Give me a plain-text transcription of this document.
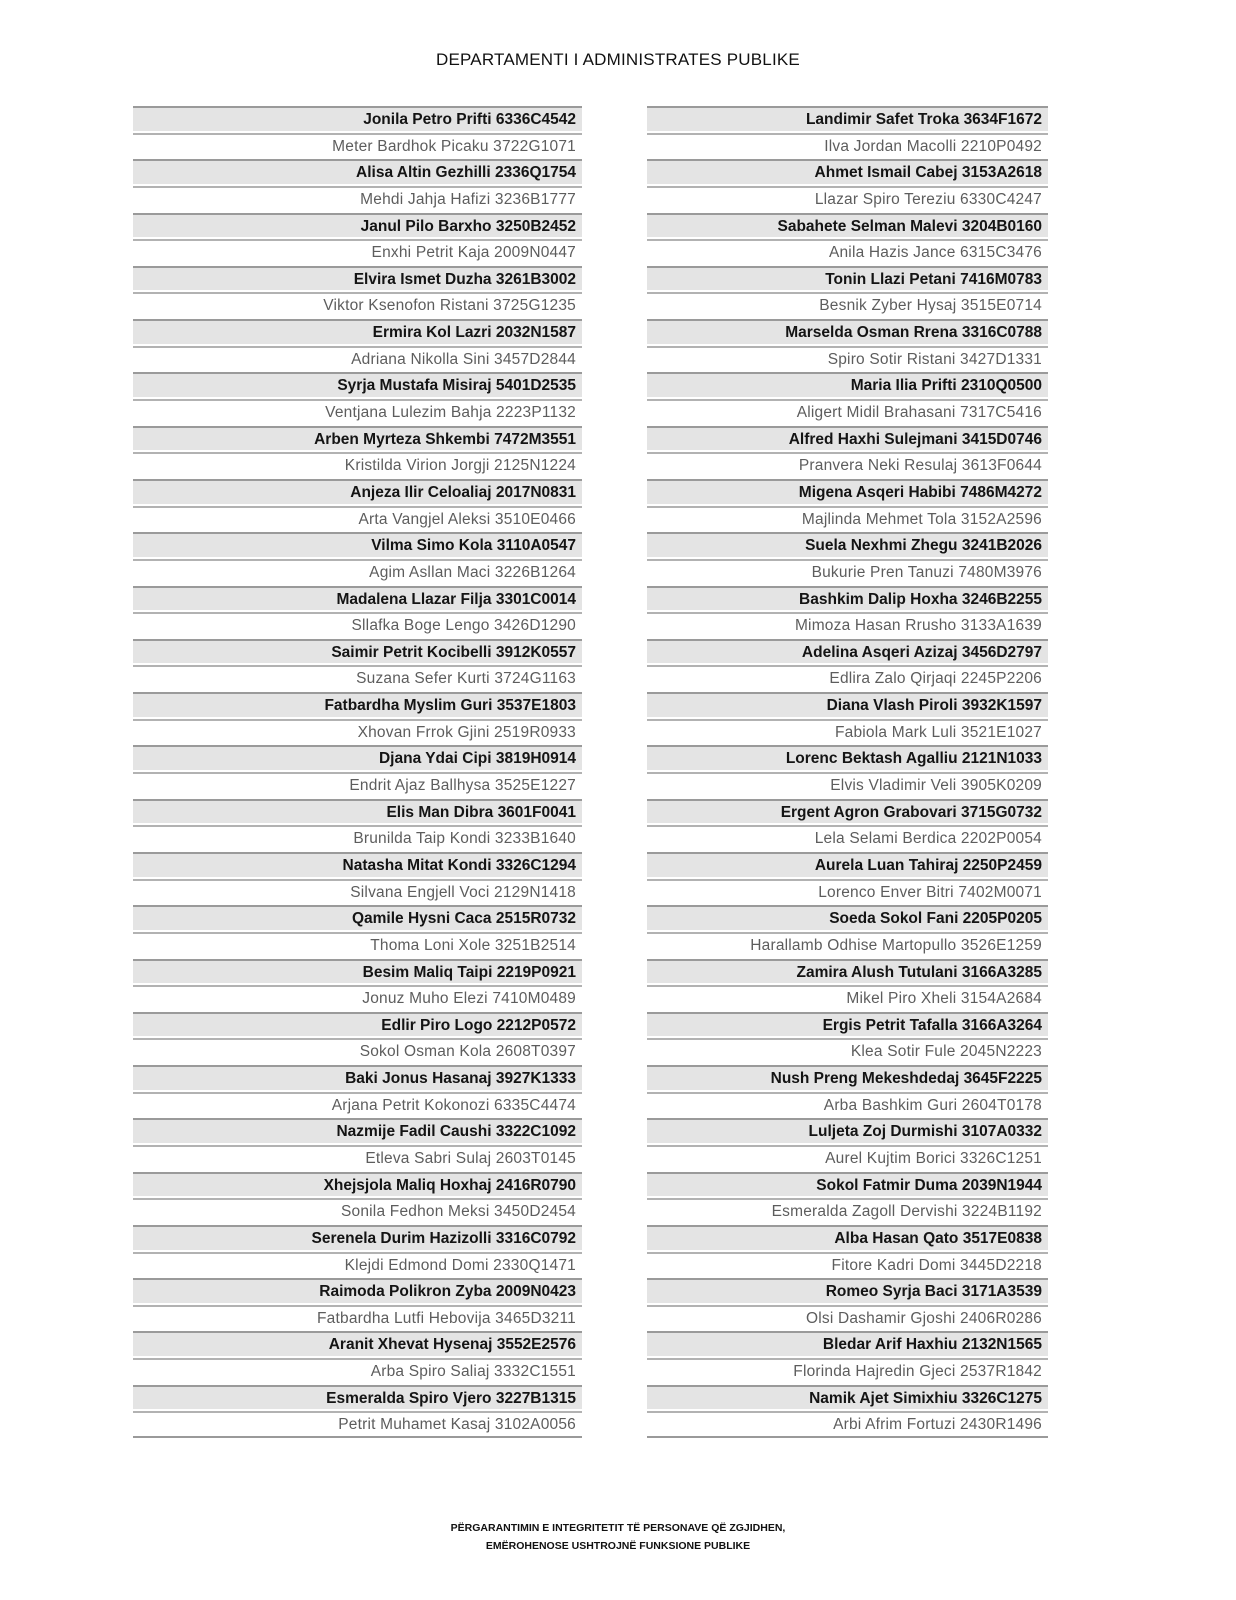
DEPARTAMENTI I ADMINISTRATES PUBLIKE
Jonila Petro Prifti 6336C4542
Meter Bardhok Picaku 3722G1071
Alisa Altin Gezhilli 2336Q1754
Mehdi Jahja Hafizi 3236B1777
Janul Pilo Barxho 3250B2452
Enxhi Petrit Kaja 2009N0447
Elvira Ismet Duzha 3261B3002
Viktor Ksenofon Ristani 3725G1235
Ermira Kol Lazri 2032N1587
Adriana Nikolla Sini 3457D2844
Syrja Mustafa Misiraj 5401D2535
Ventjana Lulezim Bahja 2223P1132
Arben Myrteza Shkembi 7472M3551
Kristilda Virion Jorgji 2125N1224
Anjeza Ilir Celoaliaj 2017N0831
Arta Vangjel Aleksi 3510E0466
Vilma Simo Kola 3110A0547
Agim Asllan Maci 3226B1264
Madalena Llazar Filja 3301C0014
Sllafka Boge Lengo 3426D1290
Saimir Petrit Kocibelli 3912K0557
Suzana Sefer Kurti 3724G1163
Fatbardha Myslim Guri 3537E1803
Xhovan Frrok Gjini 2519R0933
Djana Ydai Cipi 3819H0914
Endrit Ajaz Ballhysa 3525E1227
Elis Man Dibra 3601F0041
Brunilda Taip Kondi 3233B1640
Natasha Mitat Kondi 3326C1294
Silvana Engjell Voci 2129N1418
Qamile Hysni Caca 2515R0732
Thoma Loni Xole 3251B2514
Besim Maliq Taipi 2219P0921
Jonuz Muho Elezi 7410M0489
Edlir Piro Logo 2212P0572
Sokol Osman Kola 2608T0397
Baki Jonus Hasanaj 3927K1333
Arjana Petrit Kokonozi 6335C4474
Nazmije Fadil Caushi 3322C1092
Etleva Sabri Sulaj 2603T0145
Xhejsjola Maliq Hoxhaj 2416R0790
Sonila Fedhon Meksi 3450D2454
Serenela Durim Hazizolli 3316C0792
Klejdi Edmond Domi 2330Q1471
Raimoda Polikron Zyba 2009N0423
Fatbardha Lutfi Hebovija 3465D3211
Aranit Xhevat Hysenaj 3552E2576
Arba Spiro Saliaj 3332C1551
Esmeralda Spiro Vjero 3227B1315
Petrit Muhamet Kasaj 3102A0056
Landimir Safet Troka 3634F1672
Ilva Jordan Macolli 2210P0492
Ahmet Ismail Cabej 3153A2618
Llazar Spiro Tereziu 6330C4247
Sabahete Selman Malevi 3204B0160
Anila Hazis Jance 6315C3476
Tonin Llazi Petani 7416M0783
Besnik Zyber Hysaj 3515E0714
Marselda Osman Rrena 3316C0788
Spiro Sotir Ristani 3427D1331
Maria Ilia Prifti 2310Q0500
Aligert Midil Brahasani 7317C5416
Alfred Haxhi Sulejmani 3415D0746
Pranvera Neki Resulaj 3613F0644
Migena Asqeri Habibi 7486M4272
Majlinda Mehmet Tola 3152A2596
Suela Nexhmi Zhegu 3241B2026
Bukurie Pren Tanuzi 7480M3976
Bashkim Dalip Hoxha 3246B2255
Mimoza Hasan Rrusho 3133A1639
Adelina Asqeri Azizaj 3456D2797
Edlira Zalo Qirjaqi 2245P2206
Diana Vlash Piroli 3932K1597
Fabiola Mark Luli 3521E1027
Lorenc Bektash Agalliu 2121N1033
Elvis Vladimir Veli 3905K0209
Ergent Agron Grabovari 3715G0732
Lela Selami Berdica 2202P0054
Aurela Luan Tahiraj 2250P2459
Lorenco Enver Bitri 7402M0071
Soeda Sokol Fani 2205P0205
Harallamb Odhise Martopullo 3526E1259
Zamira Alush Tutulani 3166A3285
Mikel Piro Xheli 3154A2684
Ergis Petrit Tafalla 3166A3264
Klea Sotir Fule 2045N2223
Nush Preng Mekeshdedaj 3645F2225
Arba Bashkim Guri 2604T0178
Luljeta Zoj Durmishi 3107A0332
Aurel Kujtim Borici 3326C1251
Sokol Fatmir Duma 2039N1944
Esmeralda Zagoll Dervishi 3224B1192
Alba Hasan Qato 3517E0838
Fitore Kadri Domi 3445D2218
Romeo Syrja Baci 3171A3539
Olsi Dashamir Gjoshi 2406R0286
Bledar Arif Haxhiu 2132N1565
Florinda Hajredin Gjeci 2537R1842
Namik Ajet Simixhiu 3326C1275
Arbi Afrim Fortuzi 2430R1496
PËRGARANTIMIN E INTEGRITETIT TË PERSONAVE QË ZGJIDHEN,
EMËROHENOSE USHTROJNË FUNKSIONE PUBLIKE
